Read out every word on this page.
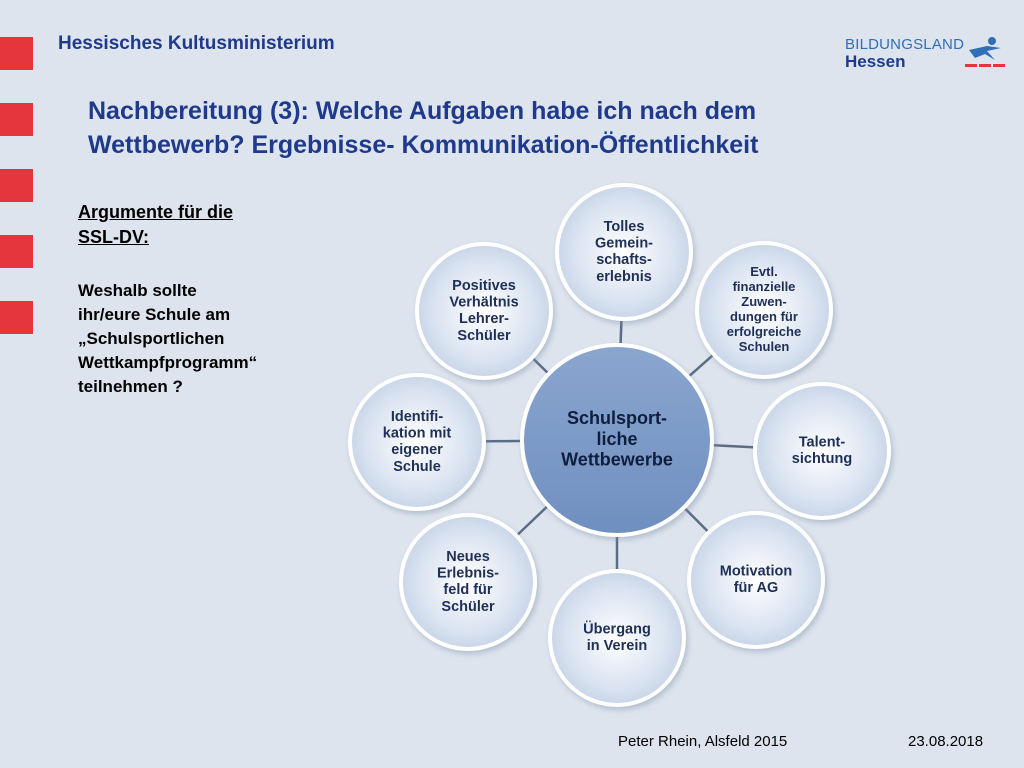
Hessisches Kultusministerium	BILDUNGSLAND
Hessen
Nachbereitung (3): Welche Aufgaben habe ich nach dem
Wettbewerb? Ergebnisse- Kommunikation-Öffentlichkeit
Argumente für die
SSL-DV:
Weshalb sollte
ihr/eure Schule am
„Schulsportlichen
Wettkampfprogramm“
teilnehmen ?
Tolles
Gemein-
schafts-
erlebnis	Evtl.
finanzielle
Zuwen-
dungen für
erfolgreiche
Schulen
Talent-
sichtung
Motivation
für AG
Übergang
in Verein
Neues
Erlebnis-
feld für
Schüler
Identifi-
kation mit
eigener
Schule
Positives
Verhältnis
Lehrer-
Schüler
Schulsport-
liche
Wettbewerbe
Peter Rhein, Alsfeld 2015	23.08.2018
